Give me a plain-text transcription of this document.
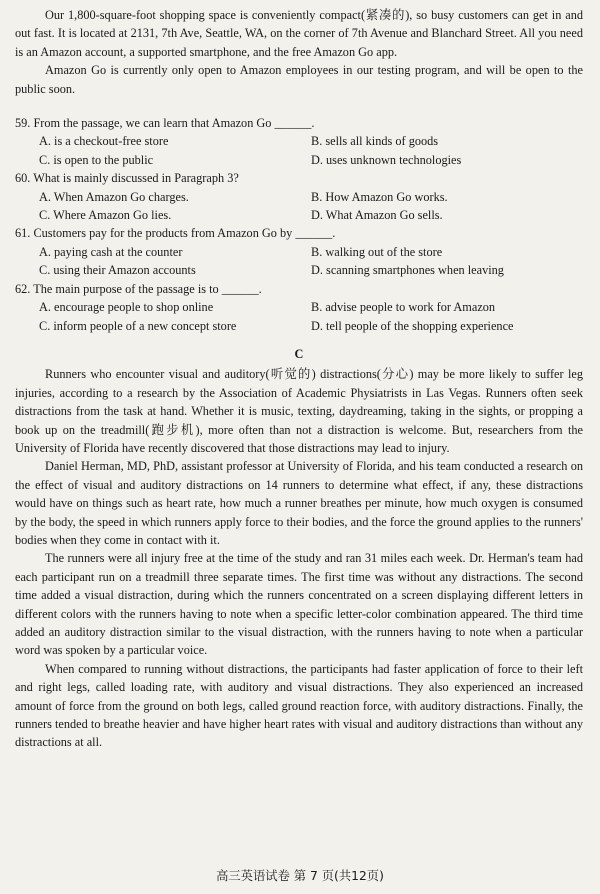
Our 1,800-square-foot shopping space is conveniently compact(紧凑的), so busy customers can get in and out fast. It is located at 2131, 7th Ave, Seattle, WA, on the corner of 7th Avenue and Blanchard Street. All you need is an Amazon account, a supported smartphone, and the free Amazon Go app.

Amazon Go is currently only open to Amazon employees in our testing program, and will be open to the public soon.

59. From the passage, we can learn that Amazon Go ______.

A. is a checkout-free store	B. sells all kinds of goods
C. is open to the public	D. uses unknown technologies

60. What is mainly discussed in Paragraph 3?

A. When Amazon Go charges.	B. How Amazon Go works.
C. Where Amazon Go lies.	D. What Amazon Go sells.

61. Customers pay for the products from Amazon Go by ______.

A. paying cash at the counter	B. walking out of the store
C. using their Amazon accounts	D. scanning smartphones when leaving

62. The main purpose of the passage is to ______.

A. encourage people to shop online	B. advise people to work for Amazon
C. inform people of a new concept store	D. tell people of the shopping experience

C

Runners who encounter visual and auditory(听觉的) distractions(分心) may be more likely to suffer leg injuries, according to a research by the Association of Academic Physiatrists in Las Vegas. Runners often seek distractions from the task at hand. Whether it is music, texting, daydreaming, taking in the sights, or propping a book up on the treadmill(跑步机), more often than not a distraction is welcome. But, researchers from the University of Florida have recently discovered that those distractions may lead to injury.

Daniel Herman, MD, PhD, assistant professor at University of Florida, and his team conducted a research on the effect of visual and auditory distractions on 14 runners to determine what effect, if any, these distractions would have on things such as heart rate, how much a runner breathes per minute, how much oxygen is consumed by the body, the speed in which runners apply force to their bodies, and the force the ground applies to the runners' bodies when they come in contact with it.

The runners were all injury free at the time of the study and ran 31 miles each week. Dr. Herman's team had each participant run on a treadmill three separate times. The first time was without any distractions. The second time added a visual distraction, during which the runners concentrated on a screen displaying different letters in different colors with the runners having to note when a specific letter-color combination appeared. The third time added an auditory distraction similar to the visual distraction, with the runners having to note when a particular word was spoken by a particular voice.

When compared to running without distractions, the participants had faster application of force to their left and right legs, called loading rate, with auditory and visual distractions. They also experienced an increased amount of force from the ground on both legs, called ground reaction force, with auditory distractions. Finally, the runners tended to breathe heavier and have higher heart rates with visual and auditory distractions than without any distractions at all.

高三英语试卷 第 7 页(共12页)
